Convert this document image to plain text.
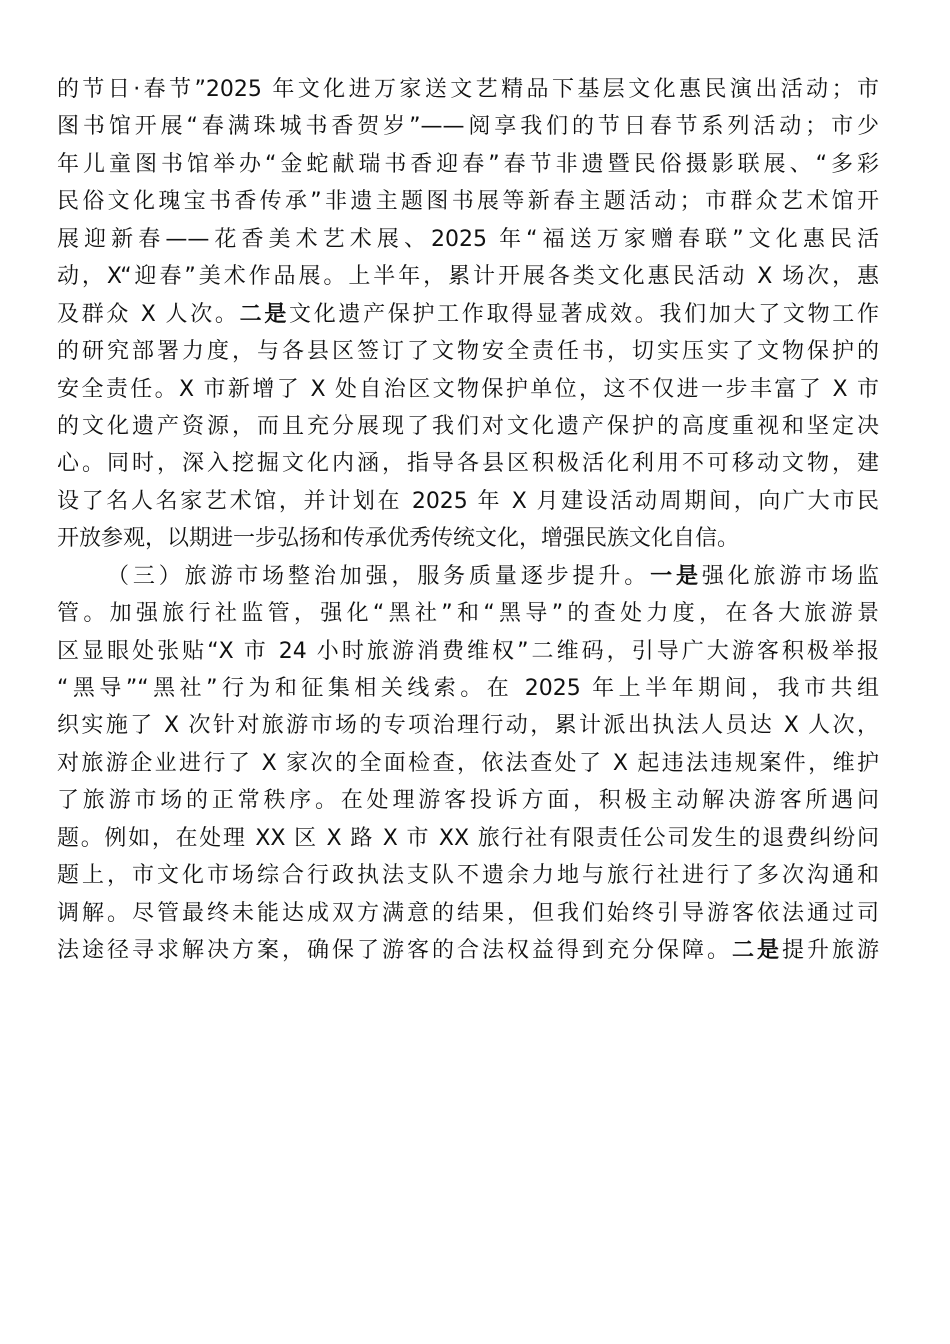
的节日·春节”2025 年文化进万家送文艺精品下基层文化惠民演出活动；市
图书馆开展“春满珠城书香贺岁”——阅享我们的节日春节系列活动；市少
年儿童图书馆举办“金蛇献瑞书香迎春”春节非遗暨民俗摄影联展、“多彩
民俗文化瑰宝书香传承”非遗主题图书展等新春主题活动；市群众艺术馆开
展迎新春——花香美术艺术展、2025 年“福送万家赠春联”文化惠民活
动，X“迎春”美术作品展。上半年，累计开展各类文化惠民活动 X 场次，惠
及群众 X 人次。二是文化遗产保护工作取得显著成效。我们加大了文物工作
的研究部署力度，与各县区签订了文物安全责任书，切实压实了文物保护的
安全责任。X 市新增了 X 处自治区文物保护单位，这不仅进一步丰富了 X 市
的文化遗产资源，而且充分展现了我们对文化遗产保护的高度重视和坚定决
心。同时，深入挖掘文化内涵，指导各县区积极活化利用不可移动文物，建
设了名人名家艺术馆，并计划在 2025 年 X 月建设活动周期间，向广大市民
开放参观，以期进一步弘扬和传承优秀传统文化，增强民族文化自信。
（三）旅游市场整治加强，服务质量逐步提升。一是强化旅游市场监
管。加强旅行社监管，强化“黑社”和“黑导”的查处力度，在各大旅游景
区显眼处张贴“X 市 24 小时旅游消费维权”二维码，引导广大游客积极举报
“黑导”“黑社”行为和征集相关线索。在 2025 年上半年期间，我市共组
织实施了 X 次针对旅游市场的专项治理行动，累计派出执法人员达 X 人次，
对旅游企业进行了 X 家次的全面检查，依法查处了 X 起违法违规案件，维护
了旅游市场的正常秩序。在处理游客投诉方面，积极主动解决游客所遇问
题。例如，在处理 XX 区 X 路 X 市 XX 旅行社有限责任公司发生的退费纠纷问
题上，市文化市场综合行政执法支队不遗余力地与旅行社进行了多次沟通和
调解。尽管最终未能达成双方满意的结果，但我们始终引导游客依法通过司
法途径寻求解决方案，确保了游客的合法权益得到充分保障。二是提升旅游
